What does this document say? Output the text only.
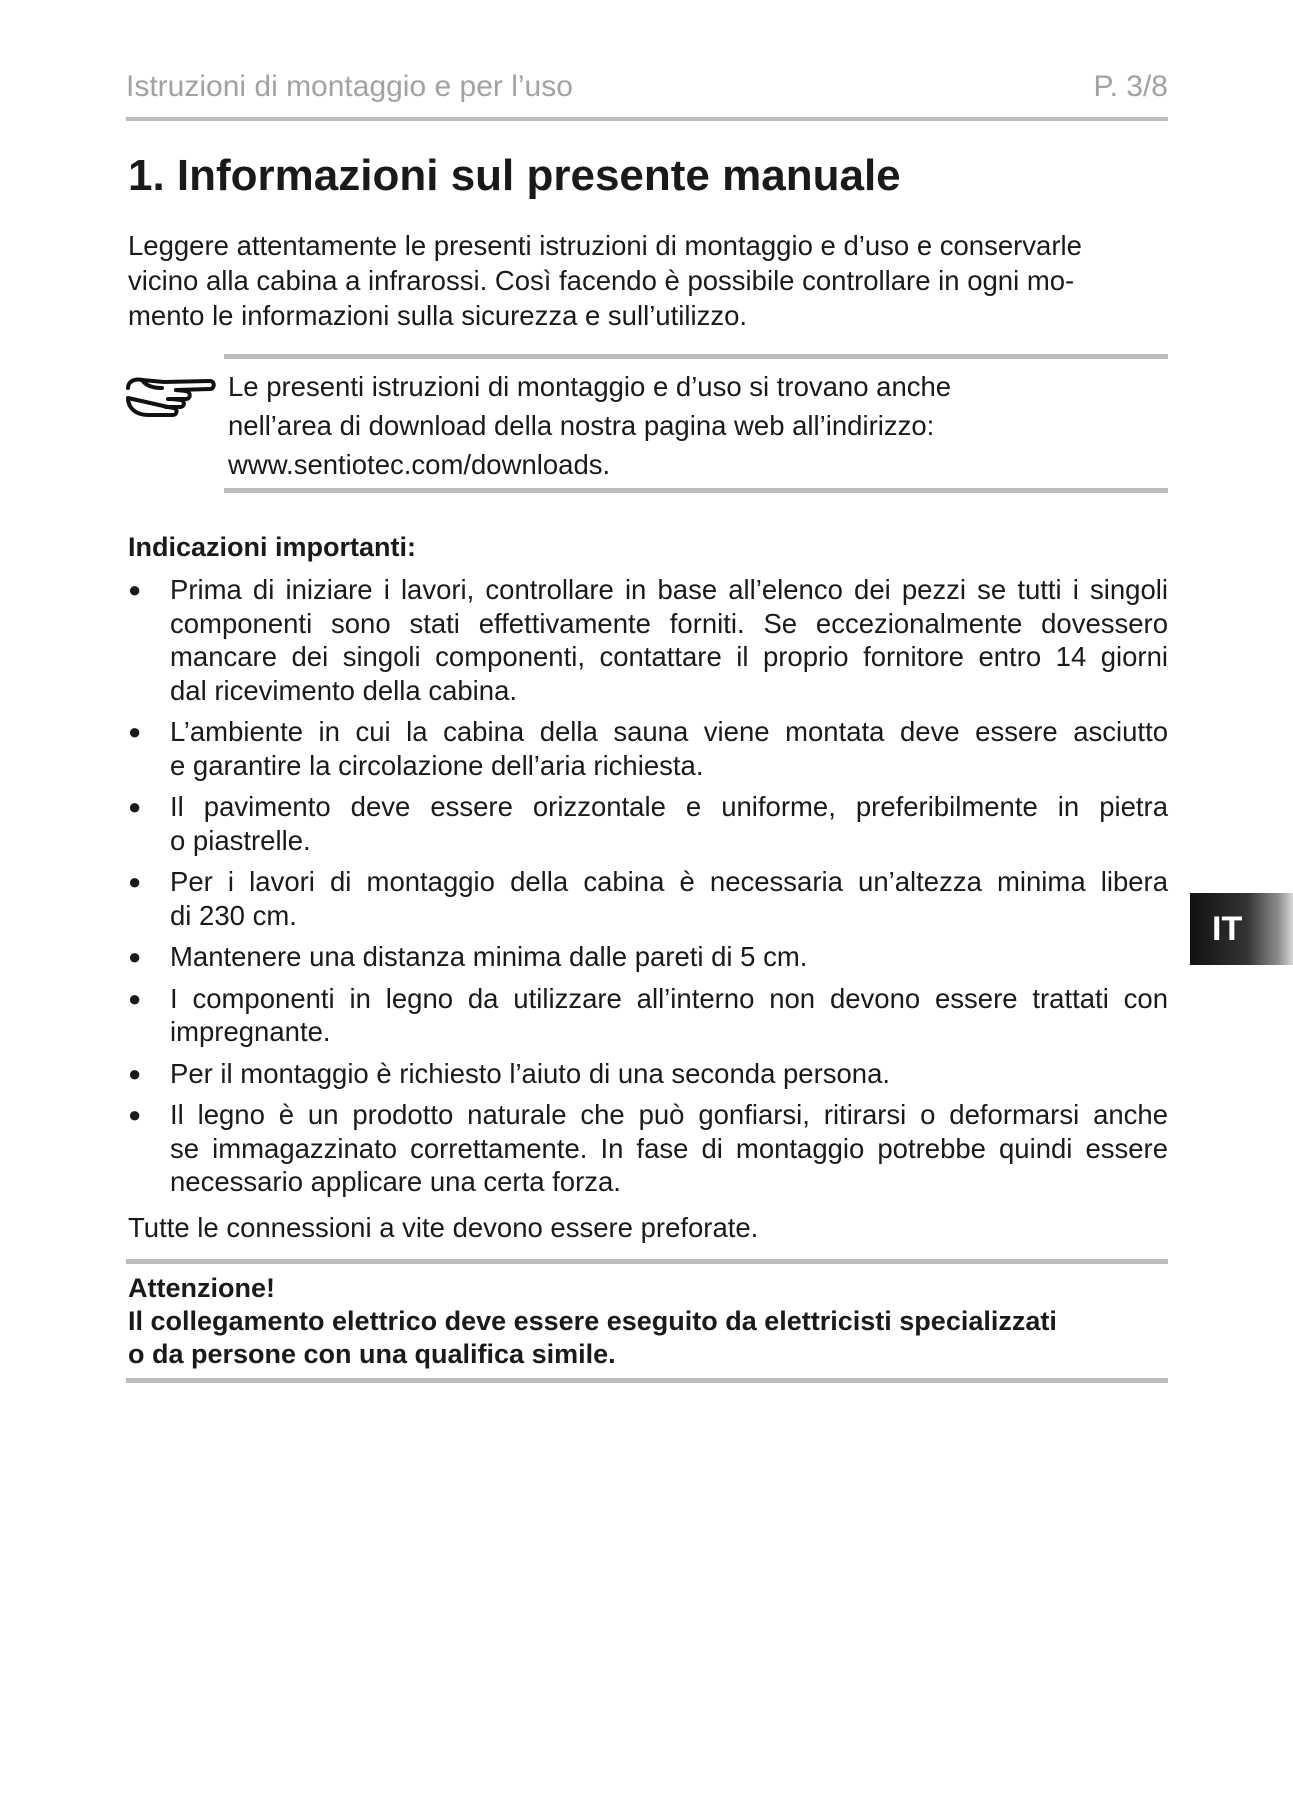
Istruzioni di montaggio e per l’uso	P. 3/8
1. Informazioni sul presente manuale

Leggere attentamente le presenti istruzioni di montaggio e d’uso e conservarle
vicino alla cabina a infrarossi. Così facendo è possibile controllare in ogni mo-
mento le informazioni sulla sicurezza e sull’utilizzo.

Le presenti istruzioni di montaggio e d’uso si trovano anche
nell’area di download della nostra pagina web all’indirizzo:
www.sentiotec.com/downloads.
Indicazioni importanti:
● Prima di iniziare i lavori, controllare in base all’elenco dei pezzi se tutti i singoli
componenti sono stati effettivamente forniti. Se eccezionalmente dovessero
mancare dei singoli componenti, contattare il proprio fornitore entro 14 giorni
dal ricevimento della cabina.
● L’ambiente in cui la cabina della sauna viene montata deve essere asciutto
e garantire la circolazione dell’aria richiesta.
● Il pavimento deve essere orizzontale e uniforme, preferibilmente in pietra
o piastrelle.
● Per i lavori di montaggio della cabina è necessaria un’altezza minima libera
di 230 cm.
● Mantenere una distanza minima dalle pareti di 5 cm.
● I componenti in legno da utilizzare all’interno non devono essere trattati con
impregnante.
● Per il montaggio è richiesto l’aiuto di una seconda persona.
● Il legno è un prodotto naturale che può gonfiarsi, ritirarsi o deformarsi anche
se immagazzinato correttamente. In fase di montaggio potrebbe quindi essere
necessario applicare una certa forza.

Tutte le connessioni a vite devono essere preforate.

Attenzione!
Il collegamento elettrico deve essere eseguito da elettricisti specializzati
o da persone con una qualifica simile.
IT
